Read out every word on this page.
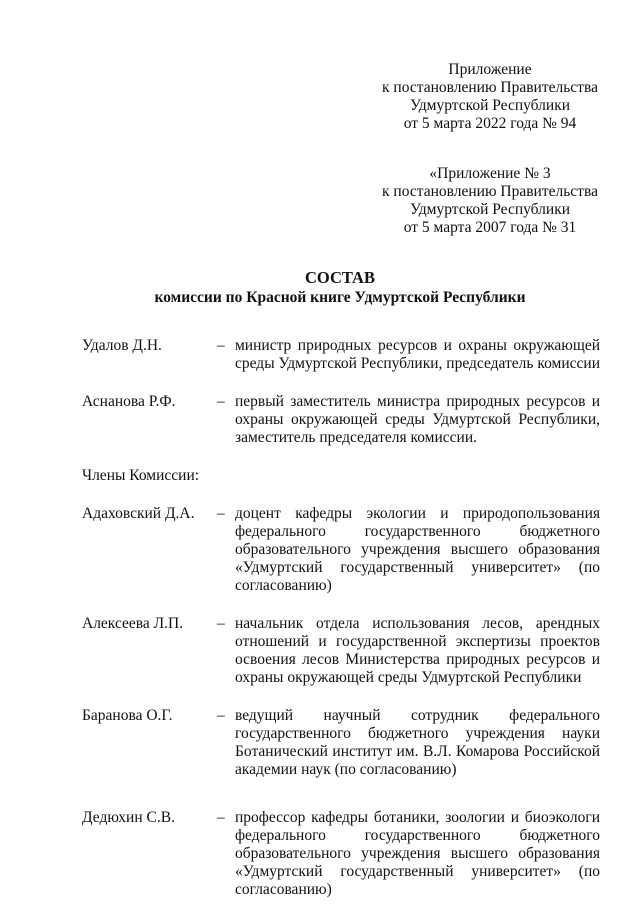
Приложение
к постановлению Правительства
Удмуртской Республики
от 5 марта 2022 года № 94
«Приложение № 3
к постановлению Правительства
Удмуртской Республики
от 5 марта 2007 года № 31
СОСТАВ
комиссии по Красной книге Удмуртской Республики
Удалов Д.Н.	– министр природных ресурсов и охраны окружающей среды Удмуртской Республики, председатель комиссии
Аснанова Р.Ф.	– первый заместитель министра природных ресурсов и охраны окружающей среды Удмуртской Республики, заместитель председателя комиссии.
Члены Комиссии:
Адаховский Д.А.	– доцент кафедры экологии и природопользования федерального государственного бюджетного образовательного учреждения высшего образования «Удмуртский государственный университет» (по согласованию)
Алексеева Л.П.	– начальник отдела использования лесов, арендных отношений и государственной экспертизы проектов освоения лесов Министерства природных ресурсов и охраны окружающей среды Удмуртской Республики
Баранова О.Г.	– ведущий научный сотрудник федерального государственного бюджетного учреждения науки Ботанический институт им. В.Л. Комарова Российской академии наук (по согласованию)
Дедюхин С.В.	– профессор кафедры ботаники, зоологии и биоэкологи федерального государственного бюджетного образовательного учреждения высшего образования «Удмуртский государственный университет» (по согласованию)
